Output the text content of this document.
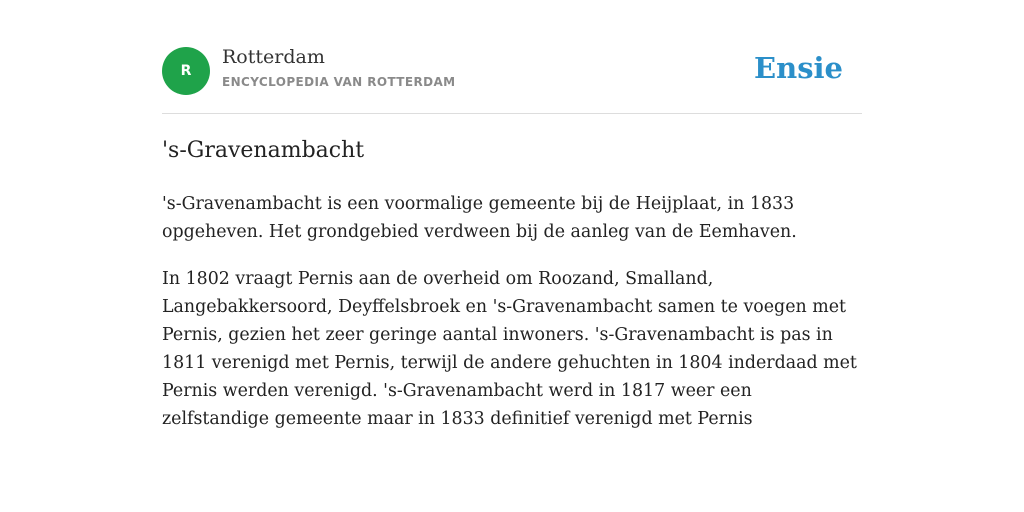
R
Rotterdam
ENCYCLOPEDIA VAN ROTTERDAM	Ensie
's-Gravenambacht

's-Gravenambacht is een voormalige gemeente bij de Heijplaat, in 1833 opgeheven. Het grondgebied verdween bij de aanleg van de Eemhaven.

In 1802 vraagt Pernis aan de overheid om Roozand, Smalland, Langebakkersoord, Deyffelsbroek en 's-Gravenambacht samen te voegen met Pernis, gezien het zeer geringe aantal inwoners. 's-Gravenambacht is pas in 1811 verenigd met Pernis, terwijl de andere gehuchten in 1804 inderdaad met Pernis werden verenigd. 's-Gravenambacht werd in 1817 weer een zelfstandige gemeente maar in 1833 definitief verenigd met Pernis
